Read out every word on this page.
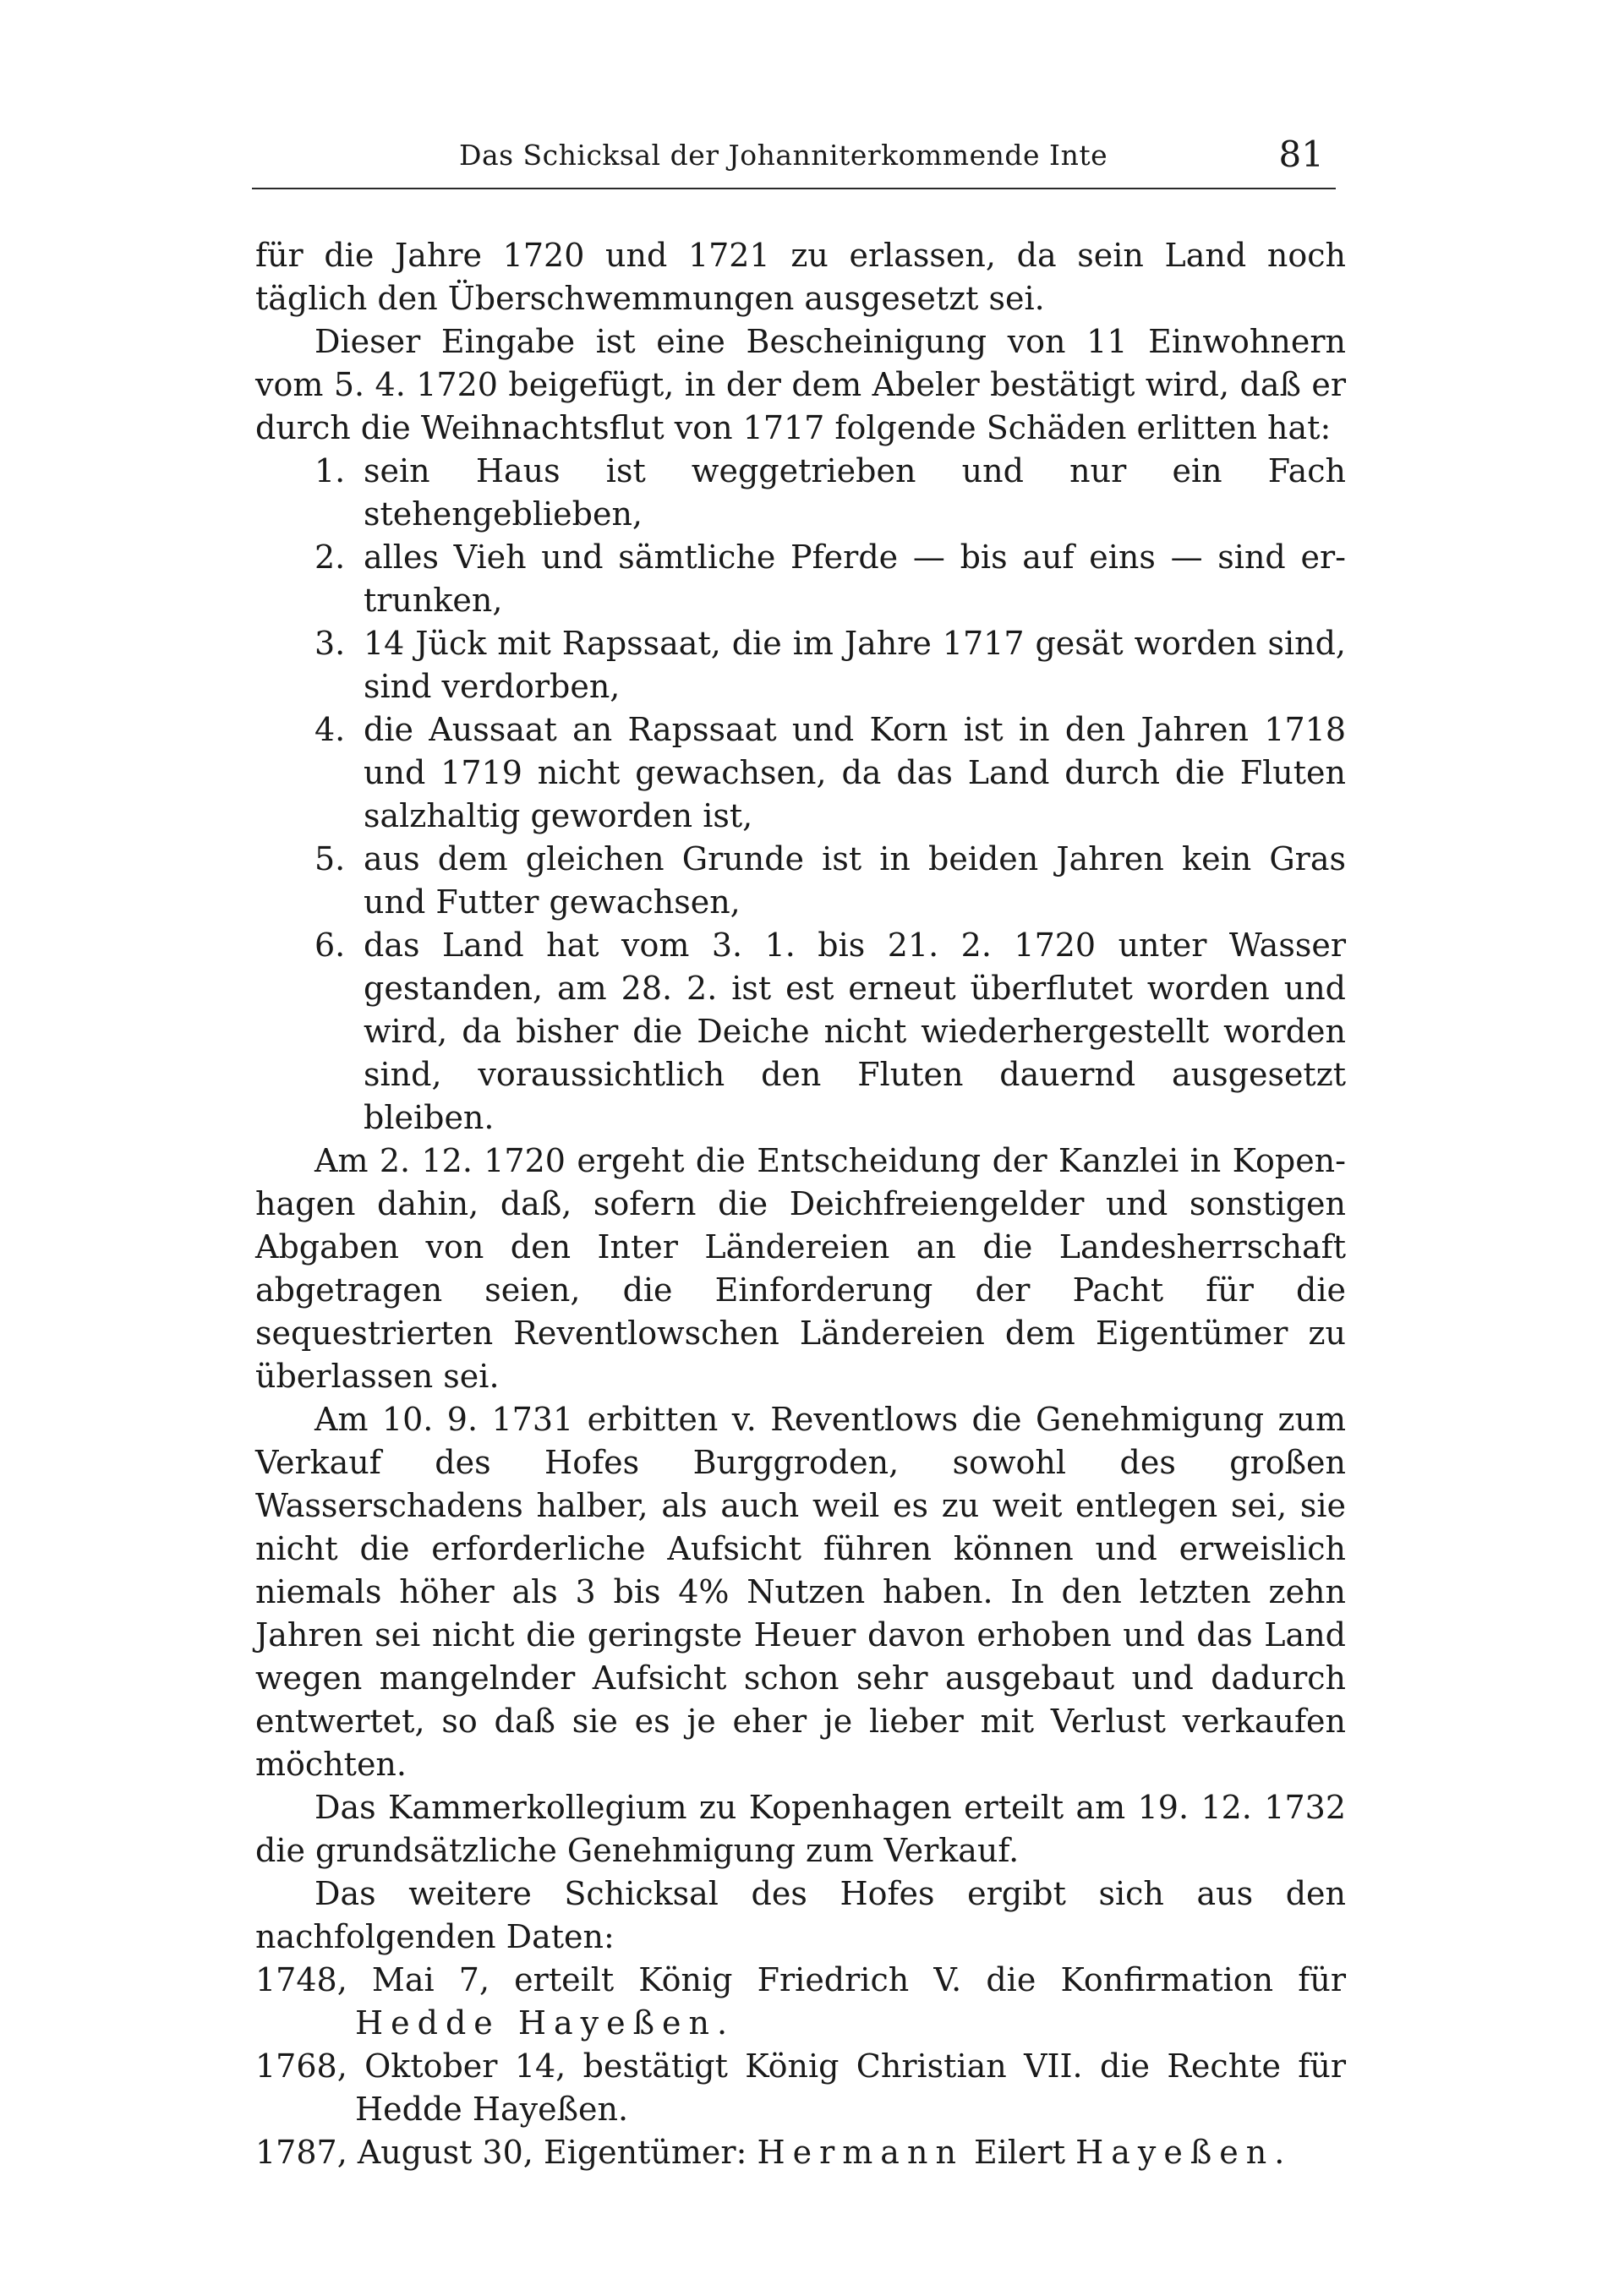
Das Schicksal der Johanniterkommende Inte	81

für die Jahre 1720 und 1721 zu erlassen, da sein Land noch täglich den Überschwemmungen ausgesetzt sei.

Dieser Eingabe ist eine Bescheinigung von 11 Einwohnern vom 5. 4. 1720 beigefügt, in der dem Abeler bestätigt wird, daß er durch die Weihnachtsflut von 1717 folgende Schäden erlitten hat:

1. sein Haus ist weggetrieben und nur ein Fach stehengeblieben,
2. alles Vieh und sämtliche Pferde — bis auf eins — sind ertrunken,
3. 14 Jück mit Rapssaat, die im Jahre 1717 gesät worden sind, sind verdorben,
4. die Aussaat an Rapssaat und Korn ist in den Jahren 1718 und 1719 nicht gewachsen, da das Land durch die Fluten salzhaltig geworden ist,
5. aus dem gleichen Grunde ist in beiden Jahren kein Gras und Futter gewachsen,
6. das Land hat vom 3. 1. bis 21. 2. 1720 unter Wasser gestanden, am 28. 2. ist est erneut überflutet worden und wird, da bisher die Deiche nicht wiederhergestellt worden sind, voraussichtlich den Fluten dauernd ausgesetzt bleiben.

Am 2. 12. 1720 ergeht die Entscheidung der Kanzlei in Kopenhagen dahin, daß, sofern die Deichfreiengelder und sonstigen Abgaben von den Inter Ländereien an die Landesherrschaft abgetragen seien, die Einforderung der Pacht für die sequestrierten Reventlowschen Ländereien dem Eigentümer zu überlassen sei.

Am 10. 9. 1731 erbitten v. Reventlows die Genehmigung zum Verkauf des Hofes Burggroden, sowohl des großen Wasserschadens halber, als auch weil es zu weit entlegen sei, sie nicht die erforderliche Aufsicht führen können und erweislich niemals höher als 3 bis 4% Nutzen haben. In den letzten zehn Jahren sei nicht die geringste Heuer davon erhoben und das Land wegen mangelnder Aufsicht schon sehr ausgebaut und dadurch entwertet, so daß sie es je eher je lieber mit Verlust verkaufen möchten.

Das Kammerkollegium zu Kopenhagen erteilt am 19. 12. 1732 die grundsätzliche Genehmigung zum Verkauf.

Das weitere Schicksal des Hofes ergibt sich aus den nachfolgenden Daten:

1748, Mai 7, erteilt König Friedrich V. die Konfirmation für Hedde Hayeßen.
1768, Oktober 14, bestätigt König Christian VII. die Rechte für Hedde Hayeßen.
1787, August 30, Eigentümer: Hermann Eilert Hayeßen.
